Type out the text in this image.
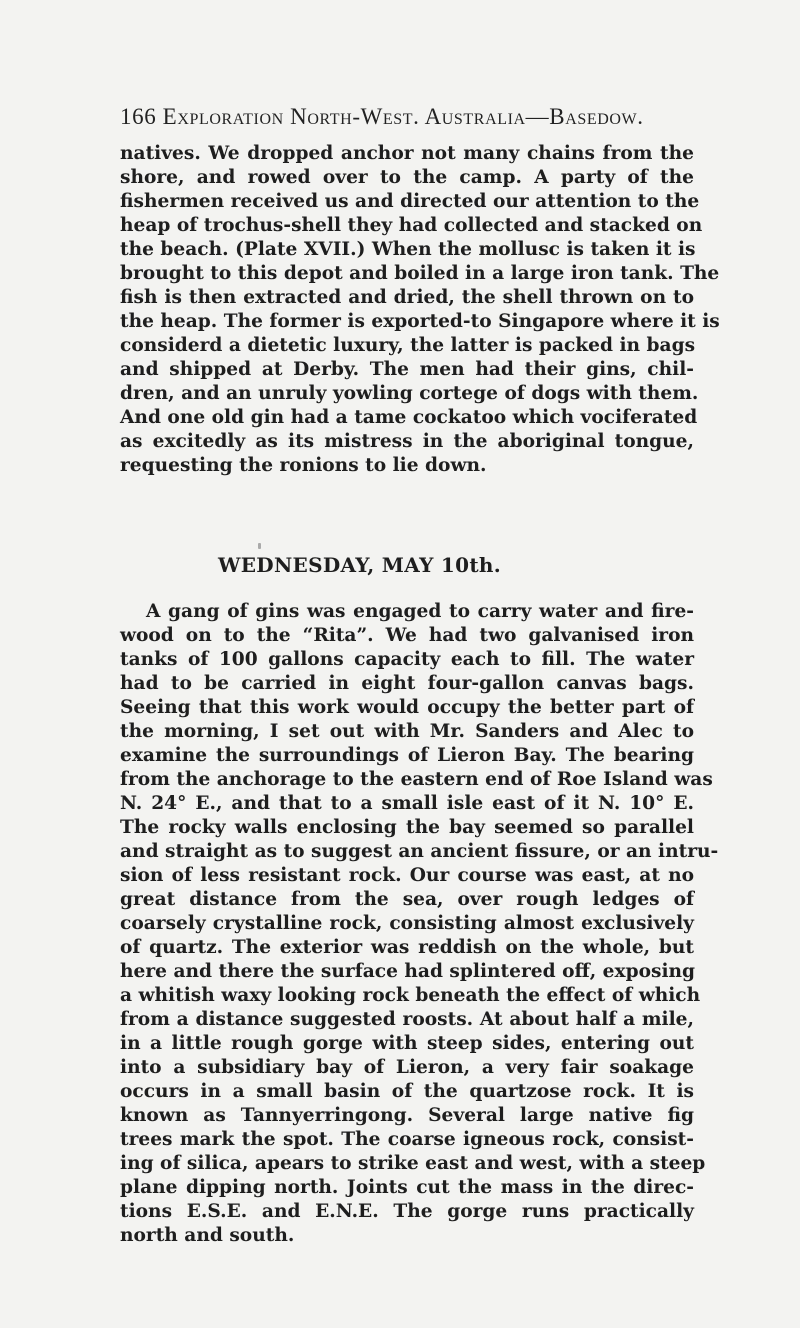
166 Exploration North-West. Australia—Basedow.
natives. We dropped anchor not many chains from the
shore, and rowed over to the camp. A party of the
fishermen received us and directed our attention to the
heap of trochus-shell they had collected and stacked on
the beach. (Plate XVII.) When the mollusc is taken it is
brought to this depot and boiled in a large iron tank. The
fish is then extracted and dried, the shell thrown on to
the heap. The former is exported-to Singapore where it is
considerd a dietetic luxury, the latter is packed in bags
and shipped at Derby. The men had their gins, chil-
dren, and an unruly yowling cortege of dogs with them.
And one old gin had a tame cockatoo which vociferated
as excitedly as its mistress in the aboriginal tongue,
requesting the ronions to lie down.
WEDNESDAY, MAY 10th.
A gang of gins was engaged to carry water and fire-
wood on to the “Rita”. We had two galvanised iron
tanks of 100 gallons capacity each to fill. The water
had to be carried in eight four-gallon canvas bags.
Seeing that this work would occupy the better part of
the morning, I set out with Mr. Sanders and Alec to
examine the surroundings of Lieron Bay. The bearing
from the anchorage to the eastern end of Roe Island was
N. 24° E., and that to a small isle east of it N. 10° E.
The rocky walls enclosing the bay seemed so parallel
and straight as to suggest an ancient fissure, or an intru-
sion of less resistant rock. Our course was east, at no
great distance from the sea, over rough ledges of
coarsely crystalline rock, consisting almost exclusively
of quartz. The exterior was reddish on the whole, but
here and there the surface had splintered off, exposing
a whitish waxy looking rock beneath the effect of which
from a distance suggested roosts. At about half a mile,
in a little rough gorge with steep sides, entering out
into a subsidiary bay of Lieron, a very fair soakage
occurs in a small basin of the quartzose rock. It is
known as Tannyerringong. Several large native fig
trees mark the spot. The coarse igneous rock, consist-
ing of silica, apears to strike east and west, with a steep
plane dipping north. Joints cut the mass in the direc-
tions E.S.E. and E.N.E. The gorge runs practically
north and south.
